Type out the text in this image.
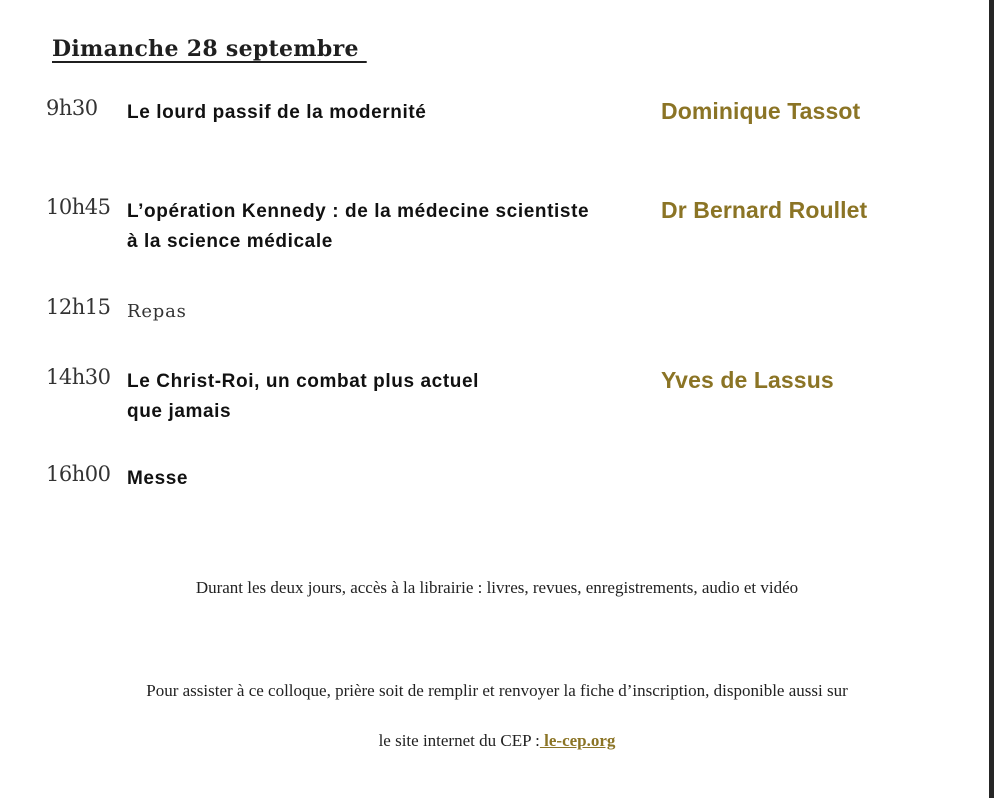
Dimanche 28 septembre
9h30 Le lourd passif de la modernité	Dominique Tassot
10h45 L’opération Kennedy : de la médecine scientiste
à la science médicale
Dr Bernard Roullet
12h15 Repas
14h30 Le Christ-Roi, un combat plus actuel
que jamais
Yves de Lassus
16h00 Messe
Durant les deux jours, accès à la librairie : livres, revues, enregistrements, audio et vidéo
Pour assister à ce colloque, prière soit de remplir et renvoyer la fiche d’inscription, disponible aussi sur
le site internet du CEP : le-cep.org
